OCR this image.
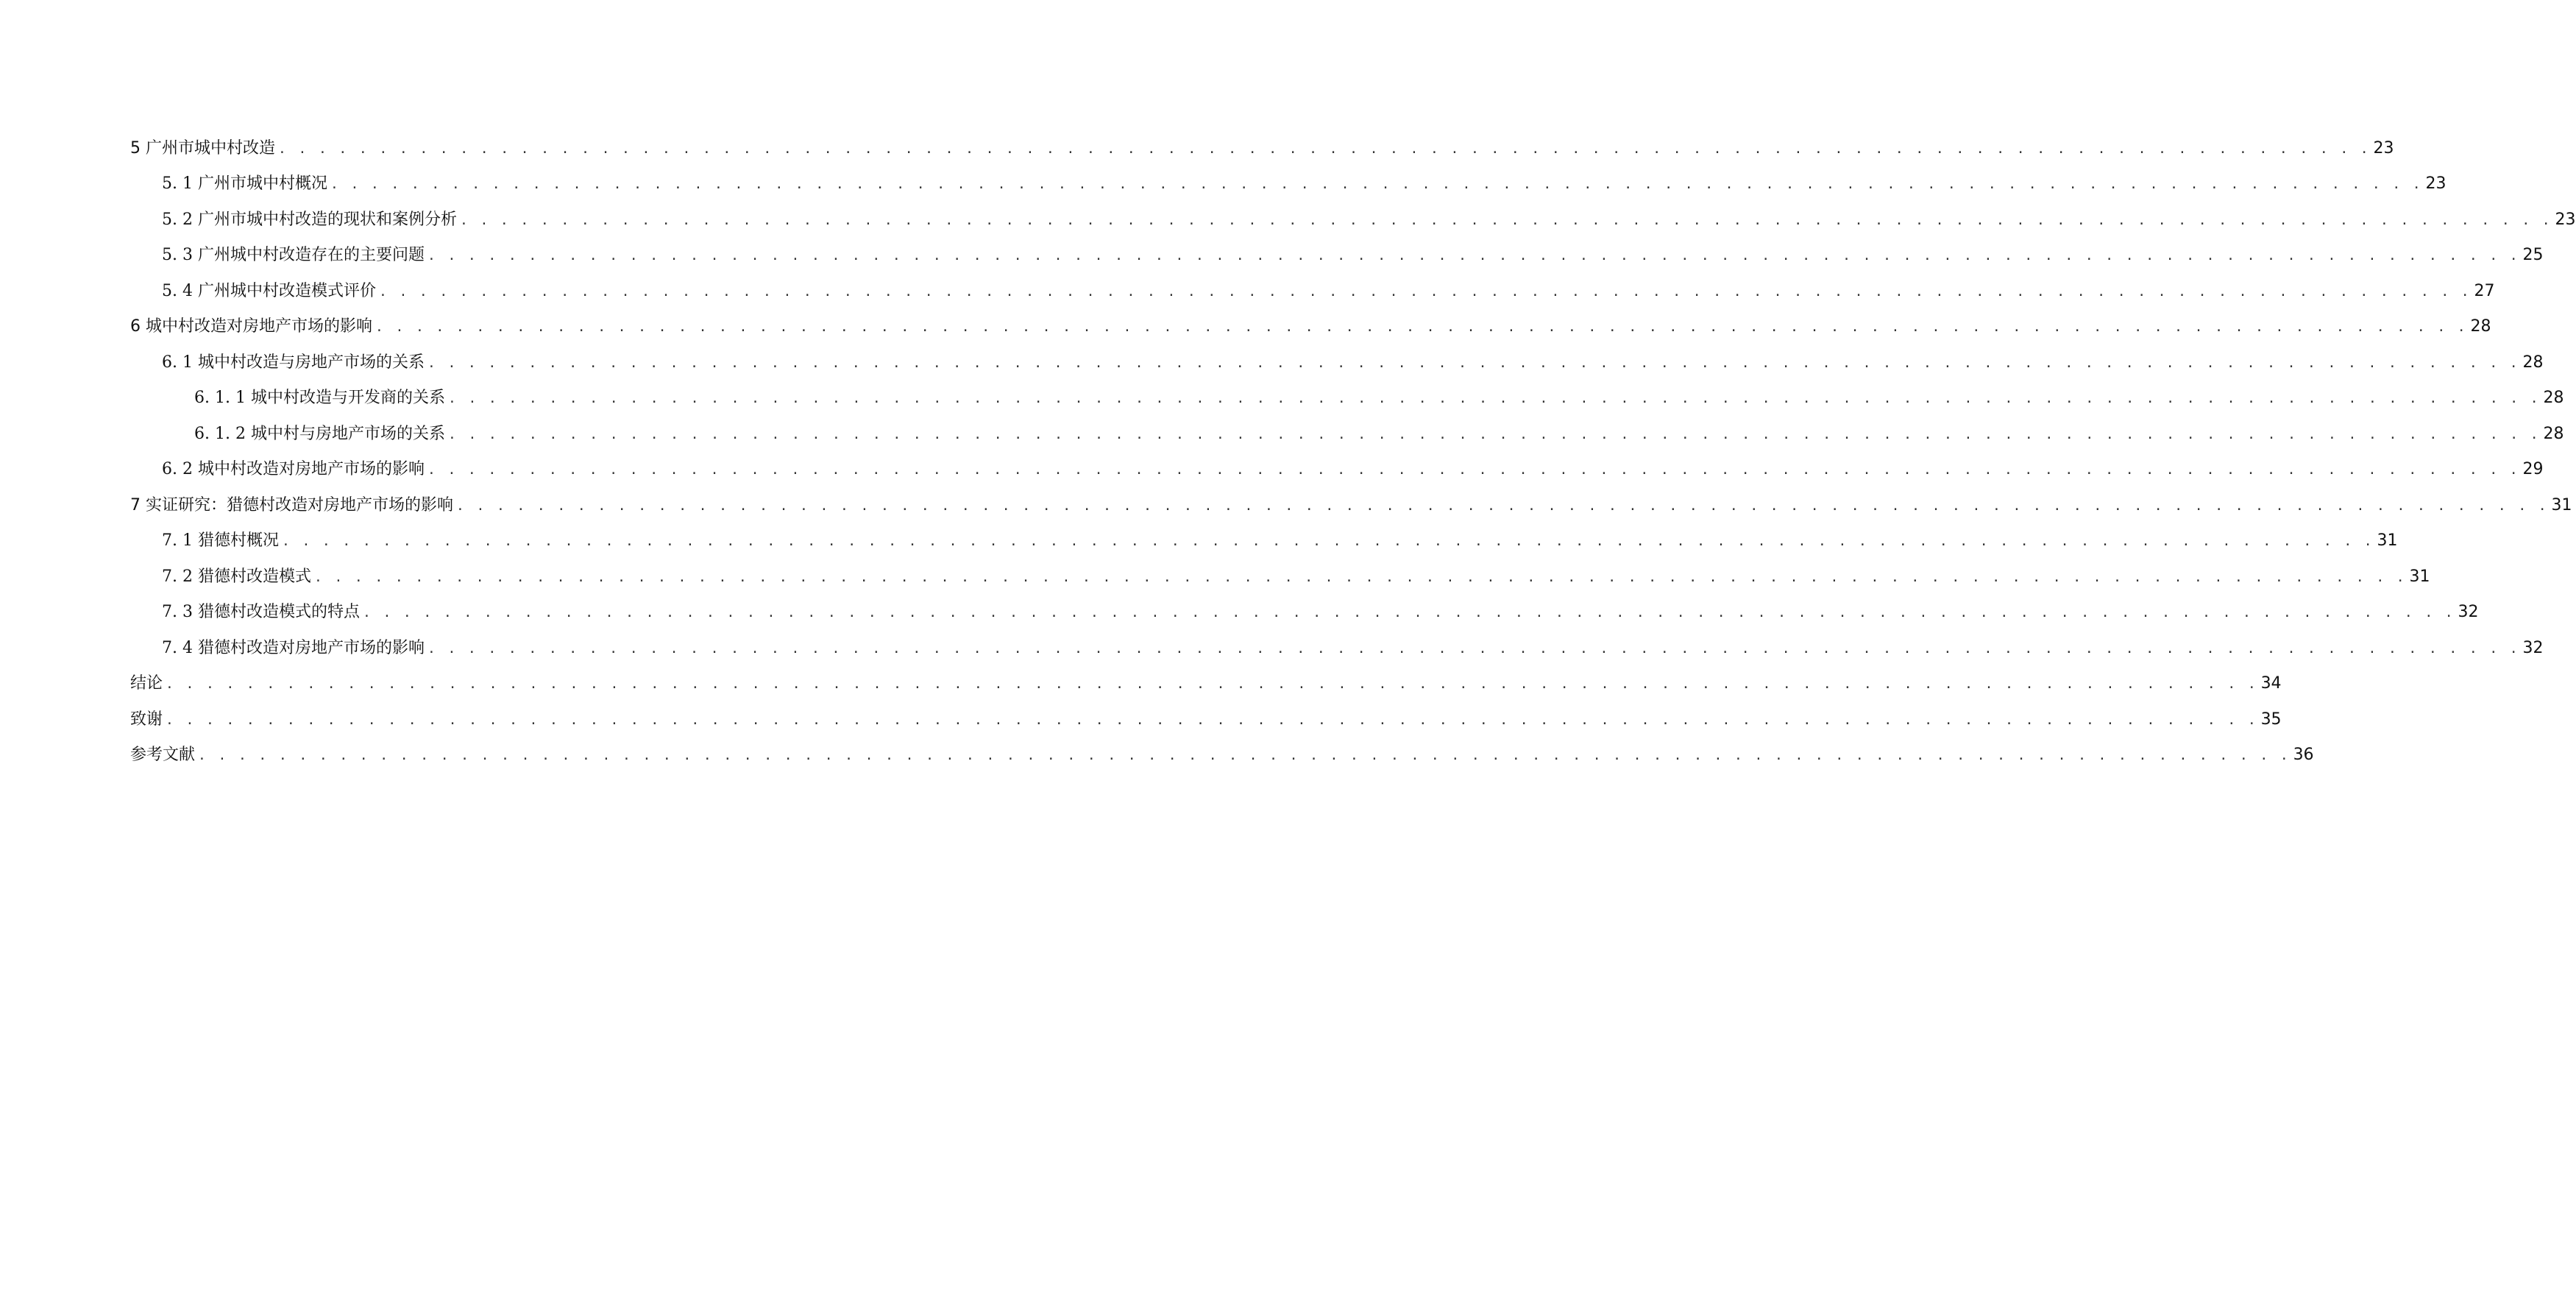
5 广州市城中村改造 . . . . . . . . . . . . . . . . . . . . . . . . . . . . . . . . . . . . . . . . . . . . . . . . . . . . . . . . . . . . . . . . . . . . . . . . . . . . . . . . . . . . . . . . . . . . . . . . . . . . . . . . 23
5. 1 广州市城中村概况 . . . . . . . . . . . . . . . . . . . . . . . . . . . . . . . . . . . . . . . . . . . . . . . . . . . . . . . . . . . . . . . . . . . . . . . . . . . . . . . . . . . . . . . . . . . . . . . . . . . . . . . . 23
5. 2 广州市城中村改造的现状和案例分析 . . . . . . . . . . . . . . . . . . . . . . . . . . . . . . . . . . . . . . . . . . . . . . . . . . . . . . . . . . . . . . . . . . . . . . . . . . . . . . . . . . . . . . . . . . . . . . . . . . . . . . . . 23
5. 3 广州城中村改造存在的主要问题 . . . . . . . . . . . . . . . . . . . . . . . . . . . . . . . . . . . . . . . . . . . . . . . . . . . . . . . . . . . . . . . . . . . . . . . . . . . . . . . . . . . . . . . . . . . . . . . . . . . . . . . . 25
5. 4 广州城中村改造模式评价 . . . . . . . . . . . . . . . . . . . . . . . . . . . . . . . . . . . . . . . . . . . . . . . . . . . . . . . . . . . . . . . . . . . . . . . . . . . . . . . . . . . . . . . . . . . . . . . . . . . . . . . . 27
6 城中村改造对房地产市场的影响 . . . . . . . . . . . . . . . . . . . . . . . . . . . . . . . . . . . . . . . . . . . . . . . . . . . . . . . . . . . . . . . . . . . . . . . . . . . . . . . . . . . . . . . . . . . . . . . . . . . . . . . . 28
6. 1 城中村改造与房地产市场的关系 . . . . . . . . . . . . . . . . . . . . . . . . . . . . . . . . . . . . . . . . . . . . . . . . . . . . . . . . . . . . . . . . . . . . . . . . . . . . . . . . . . . . . . . . . . . . . . . . . . . . . . . . 28
6. 1. 1 城中村改造与开发商的关系 . . . . . . . . . . . . . . . . . . . . . . . . . . . . . . . . . . . . . . . . . . . . . . . . . . . . . . . . . . . . . . . . . . . . . . . . . . . . . . . . . . . . . . . . . . . . . . . . . . . . . . . . 28
6. 1. 2 城中村与房地产市场的关系 . . . . . . . . . . . . . . . . . . . . . . . . . . . . . . . . . . . . . . . . . . . . . . . . . . . . . . . . . . . . . . . . . . . . . . . . . . . . . . . . . . . . . . . . . . . . . . . . . . . . . . . . 28
6. 2 城中村改造对房地产市场的影响 . . . . . . . . . . . . . . . . . . . . . . . . . . . . . . . . . . . . . . . . . . . . . . . . . . . . . . . . . . . . . . . . . . . . . . . . . . . . . . . . . . . . . . . . . . . . . . . . . . . . . . . . 29
7 实证研究：猎德村改造对房地产市场的影响 . . . . . . . . . . . . . . . . . . . . . . . . . . . . . . . . . . . . . . . . . . . . . . . . . . . . . . . . . . . . . . . . . . . . . . . . . . . . . . . . . . . . . . . . . . . . . . . . . . . . . . . . 31
7. 1 猎德村概况 . . . . . . . . . . . . . . . . . . . . . . . . . . . . . . . . . . . . . . . . . . . . . . . . . . . . . . . . . . . . . . . . . . . . . . . . . . . . . . . . . . . . . . . . . . . . . . . . . . . . . . . . 31
7. 2 猎德村改造模式 . . . . . . . . . . . . . . . . . . . . . . . . . . . . . . . . . . . . . . . . . . . . . . . . . . . . . . . . . . . . . . . . . . . . . . . . . . . . . . . . . . . . . . . . . . . . . . . . . . . . . . . . 31
7. 3 猎德村改造模式的特点 . . . . . . . . . . . . . . . . . . . . . . . . . . . . . . . . . . . . . . . . . . . . . . . . . . . . . . . . . . . . . . . . . . . . . . . . . . . . . . . . . . . . . . . . . . . . . . . . . . . . . . . . 32
7. 4 猎德村改造对房地产市场的影响 . . . . . . . . . . . . . . . . . . . . . . . . . . . . . . . . . . . . . . . . . . . . . . . . . . . . . . . . . . . . . . . . . . . . . . . . . . . . . . . . . . . . . . . . . . . . . . . . . . . . . . . . 32
结论 . . . . . . . . . . . . . . . . . . . . . . . . . . . . . . . . . . . . . . . . . . . . . . . . . . . . . . . . . . . . . . . . . . . . . . . . . . . . . . . . . . . . . . . . . . . . . . . . . . . . . . . . 34
致谢 . . . . . . . . . . . . . . . . . . . . . . . . . . . . . . . . . . . . . . . . . . . . . . . . . . . . . . . . . . . . . . . . . . . . . . . . . . . . . . . . . . . . . . . . . . . . . . . . . . . . . . . . 35
参考文献 . . . . . . . . . . . . . . . . . . . . . . . . . . . . . . . . . . . . . . . . . . . . . . . . . . . . . . . . . . . . . . . . . . . . . . . . . . . . . . . . . . . . . . . . . . . . . . . . . . . . . . . . 36
